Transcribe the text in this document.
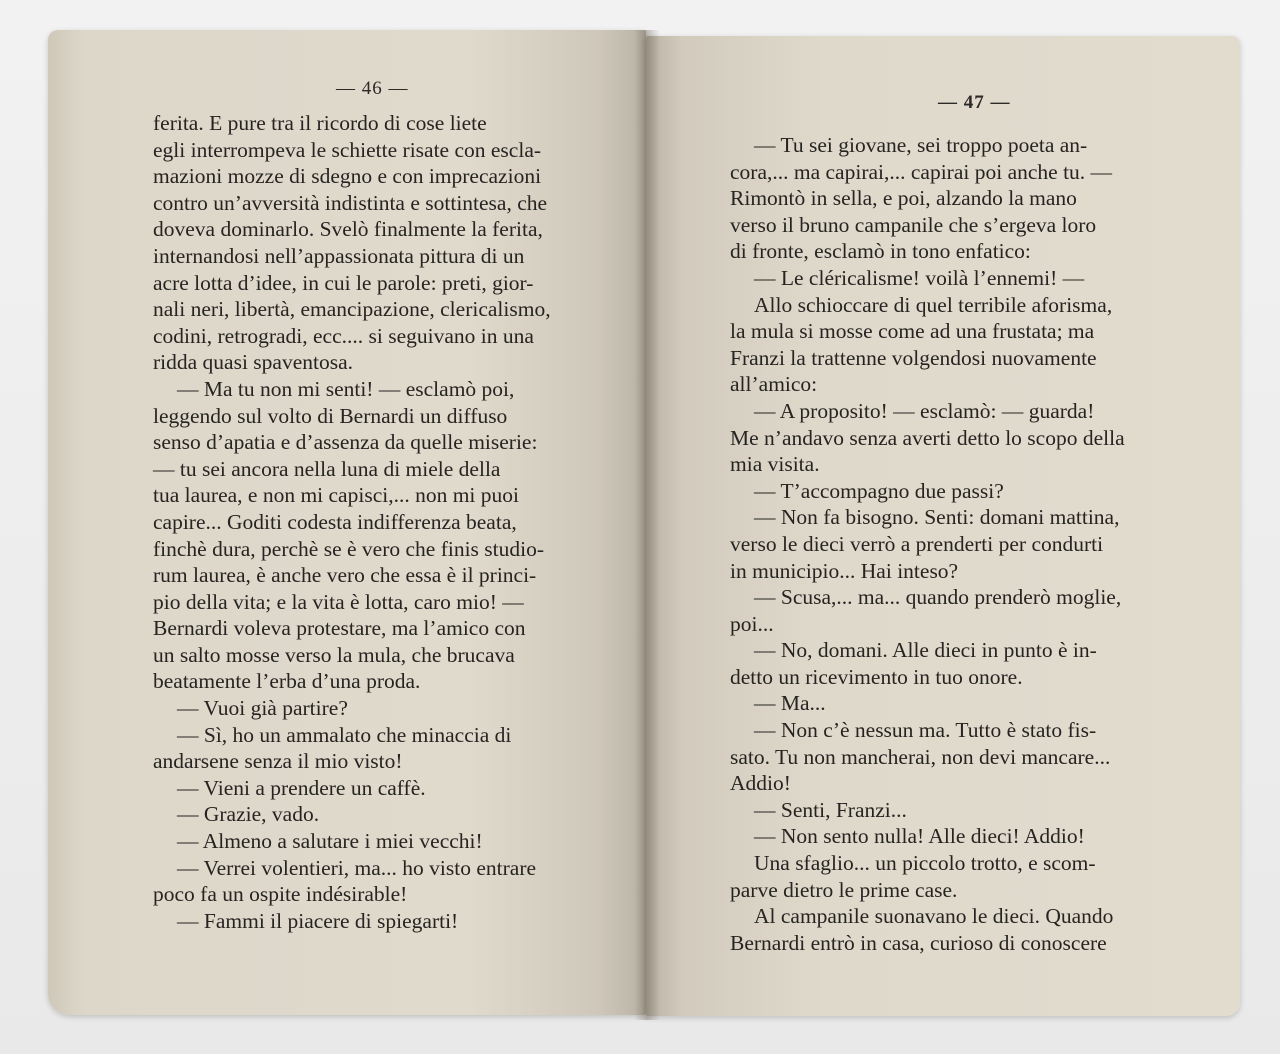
— 46 —
ferita. E pure tra il ricordo di cose liete
egli interrompeva le schiette risate con escla-
mazioni mozze di sdegno e con imprecazioni
contro un’avversità indistinta e sottintesa, che
doveva dominarlo. Svelò finalmente la ferita,
internandosi nell’appassionata pittura di un
acre lotta d’idee, in cui le parole: preti, gior-
nali neri, libertà, emancipazione, clericalismo,
codini, retrogradi, ecc.... si seguivano in una
ridda quasi spaventosa.
— Ma tu non mi senti! — esclamò poi,
leggendo sul volto di Bernardi un diffuso
senso d’apatia e d’assenza da quelle miserie:
— tu sei ancora nella luna di miele della
tua laurea, e non mi capisci,... non mi puoi
capire... Goditi codesta indifferenza beata,
finchè dura, perchè se è vero che finis studio-
rum laurea, è anche vero che essa è il princi-
pio della vita; e la vita è lotta, caro mio! —
Bernardi voleva protestare, ma l’amico con
un salto mosse verso la mula, che brucava
beatamente l’erba d’una proda.
— Vuoi già partire?
— Sì, ho un ammalato che minaccia di
andarsene senza il mio visto!
— Vieni a prendere un caffè.
— Grazie, vado.
— Almeno a salutare i miei vecchi!
— Verrei volentieri, ma... ho visto entrare
poco fa un ospite indésirable!
— Fammi il piacere di spiegarti!
— 47 —
— Tu sei giovane, sei troppo poeta an-
cora,... ma capirai,... capirai poi anche tu. —
Rimontò in sella, e poi, alzando la mano
verso il bruno campanile che s’ergeva loro
di fronte, esclamò in tono enfatico:
— Le cléricalisme! voilà l’ennemi! —
Allo schioccare di quel terribile aforisma,
la mula si mosse come ad una frustata; ma
Franzi la trattenne volgendosi nuovamente
all’amico:
— A proposito! — esclamò: — guarda!
Me n’andavo senza averti detto lo scopo della
mia visita.
— T’accompagno due passi?
— Non fa bisogno. Senti: domani mattina,
verso le dieci verrò a prenderti per condurti
in municipio... Hai inteso?
— Scusa,... ma... quando prenderò moglie,
poi...
— No, domani. Alle dieci in punto è in-
detto un ricevimento in tuo onore.
— Ma...
— Non c’è nessun ma. Tutto è stato fis-
sato. Tu non mancherai, non devi mancare...
Addio!
— Senti, Franzi...
— Non sento nulla! Alle dieci! Addio!
Una sfaglio... un piccolo trotto, e scom-
parve dietro le prime case.
Al campanile suonavano le dieci. Quando
Bernardi entrò in casa, curioso di conoscere
